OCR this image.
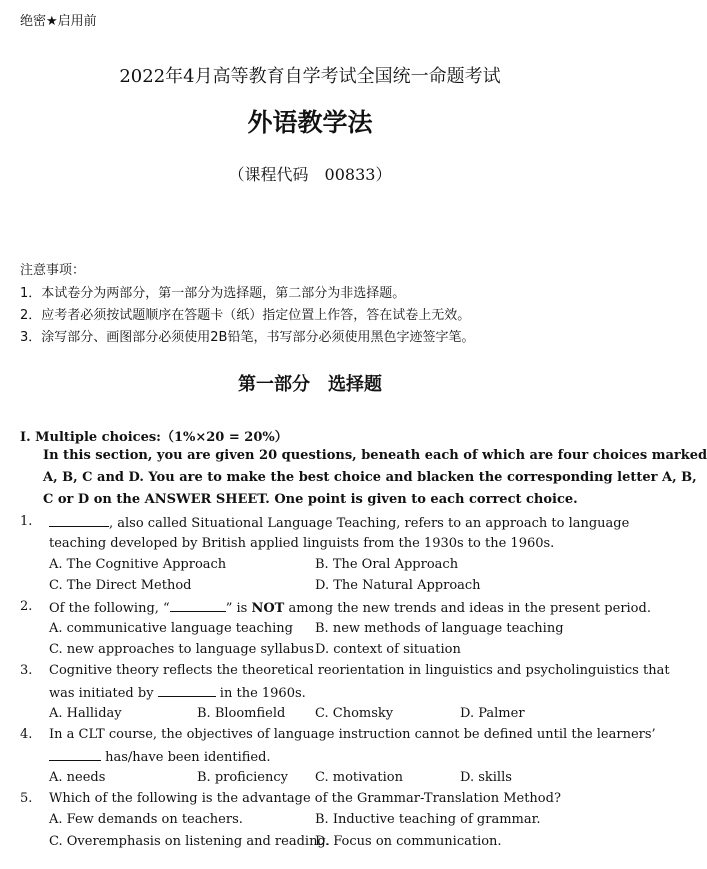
绝密★启用前
2022年4月高等教育自学考试全国统一命题考试
外语教学法
（课程代码　00833）
注意事项：
1．本试卷分为两部分，第一部分为选择题，第二部分为非选择题。
2．应考者必须按试题顺序在答题卡（纸）指定位置上作答，答在试卷上无效。
3．涂写部分、画图部分必须使用2B铅笔，书写部分必须使用黑色字迹签字笔。
第一部分　选择题
I. Multiple choices:（1%×20 = 20%）
In this section, you are given 20 questions, beneath each of which are four choices marked
A, B, C and D. You are to make the best choice and blacken the corresponding letter A, B,
C or D on the ANSWER SHEET. One point is given to each correct choice.
1.	, also called Situational Language Teaching, refers to an approach to language
teaching developed by British applied linguists from the 1930s to the 1960s.
A. The Cognitive Approach	B. The Oral Approach
C. The Direct Method	D. The Natural Approach
2. Of the following, “	” is NOT among the new trends and ideas in the present period.
A. communicative language teaching B. new methods of language teaching
C. new approaches to language syllabus D. context of situation
3. Cognitive theory reflects the theoretical reorientation in linguistics and psycholinguistics that
was initiated by	in the 1960s.
A. Halliday	B. Bloomfield C. Chomsky	D. Palmer
4. In a CLT course, the objectives of language instruction cannot be defined until the learners’
has/have been identified.
A. needs	B. proficiency C. motivation	D. skills
5. Which of the following is the advantage of the Grammar-Translation Method?
A. Few demands on teachers.	B. Inductive teaching of grammar.
C. Overemphasis on listening and reading.
D. Focus on communication.
